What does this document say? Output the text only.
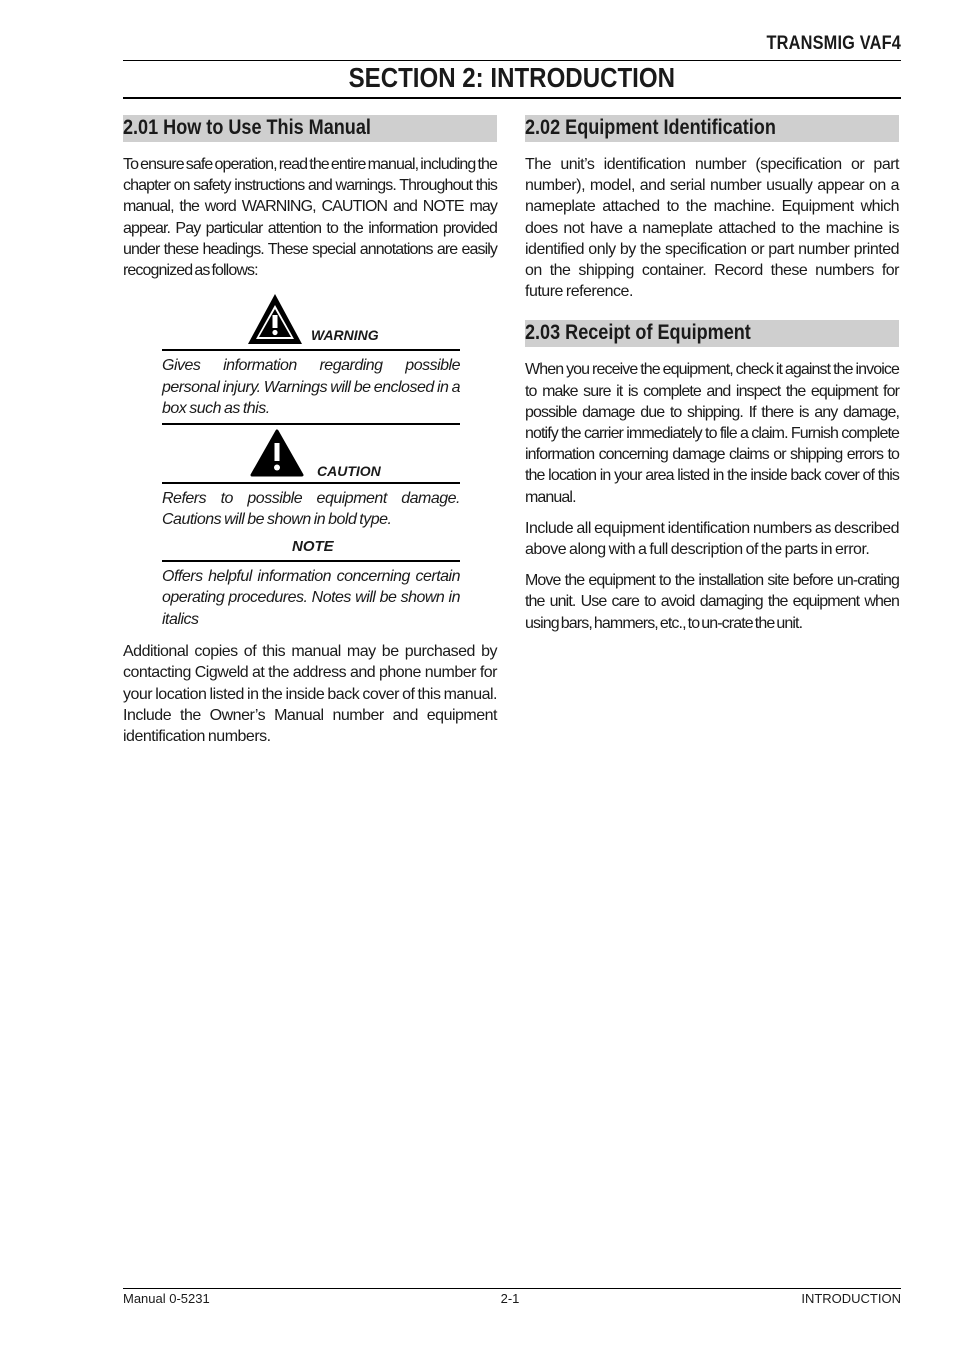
TRANSMIG VAF4
SECTION 2: INTRODUCTION
2.01 How to Use This Manual

To ensure safe operation, read the entire manual, including the chapter on safety instructions and warnings. Throughout this manual, the word WARNING, CAUTION and NOTE may appear. Pay particular attention to the information provided under these headings. These special annotations are easily recognized as follows:

WARNING
Gives information regarding possible personal injury. Warnings will be enclosed in a box such as this.
CAUTION
Refers to possible equipment damage. Cautions will be shown in bold type.
NOTE
Offers helpful information concerning certain operating procedures. Notes will be shown in italics

Additional copies of this manual may be purchased by contacting Cigweld at the address and phone number for your location listed in the inside back cover of this manual. Include the Owner’s Manual number and equipment identification numbers.

2.02 Equipment Identification

The unit’s identification number (specification or part number), model, and serial number usually appear on a nameplate attached to the machine. Equipment which does not have a nameplate attached to the machine is identified only by the specification or part number printed on the shipping container. Record these numbers for future reference.

2.03 Receipt of Equipment

When you receive the equipment, check it against the invoice to make sure it is complete and inspect the equipment for possible damage due to shipping. If there is any damage, notify the carrier immediately to file a claim. Furnish complete information concerning damage claims or shipping errors to the location in your area listed in the inside back cover of this manual.

Include all equipment identification numbers as described above along with a full description of the parts in error.

Move the equipment to the installation site before un-crating the unit. Use care to avoid damaging the equipment when using bars, hammers, etc., to un-crate the unit.

Manual 0-5231	2-1	INTRODUCTION
